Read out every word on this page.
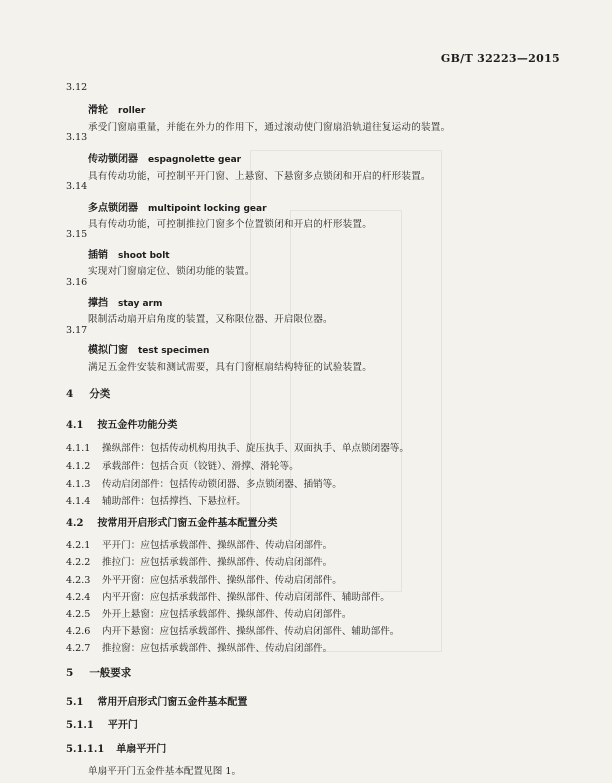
GB/T 32223—2015
3.12
滑轮 roller
承受门窗扇重量，并能在外力的作用下，通过滚动使门窗扇沿轨道往复运动的装置。
3.13
传动锁闭器 espagnolette gear
具有传动功能，可控制平开门窗、上悬窗、下悬窗多点锁闭和开启的杆形装置。
3.14
多点锁闭器 multipoint locking gear
具有传动功能，可控制推拉门窗多个位置锁闭和开启的杆形装置。
3.15
插销 shoot bolt
实现对门窗扇定位、锁闭功能的装置。
3.16
撑挡 stay arm
限制活动扇开启角度的装置，又称限位器、开启限位器。
3.17
模拟门窗 test specimen
满足五金件安装和测试需要，具有门窗框扇结构特征的试验装置。
4 分类
4.1 按五金件功能分类
4.1.1 操纵部件：包括传动机构用执手、旋压执手、双面执手、单点锁闭器等。
4.1.2 承载部件：包括合页（铰链）、滑撑、滑轮等。
4.1.3 传动启闭部件：包括传动锁闭器、多点锁闭器、插销等。
4.1.4 辅助部件：包括撑挡、下悬拉杆。
4.2 按常用开启形式门窗五金件基本配置分类
4.2.1 平开门：应包括承载部件、操纵部件、传动启闭部件。
4.2.2 推拉门：应包括承载部件、操纵部件、传动启闭部件。
4.2.3 外平开窗：应包括承载部件、操纵部件、传动启闭部件。
4.2.4 内平开窗：应包括承载部件、操纵部件、传动启闭部件、辅助部件。
4.2.5 外开上悬窗：应包括承载部件、操纵部件、传动启闭部件。
4.2.6 内开下悬窗：应包括承载部件、操纵部件、传动启闭部件、辅助部件。
4.2.7 推拉窗：应包括承载部件、操纵部件、传动启闭部件。
5 一般要求
5.1 常用开启形式门窗五金件基本配置
5.1.1 平开门
5.1.1.1 单扇平开门
单扇平开门五金件基本配置见图 1。
